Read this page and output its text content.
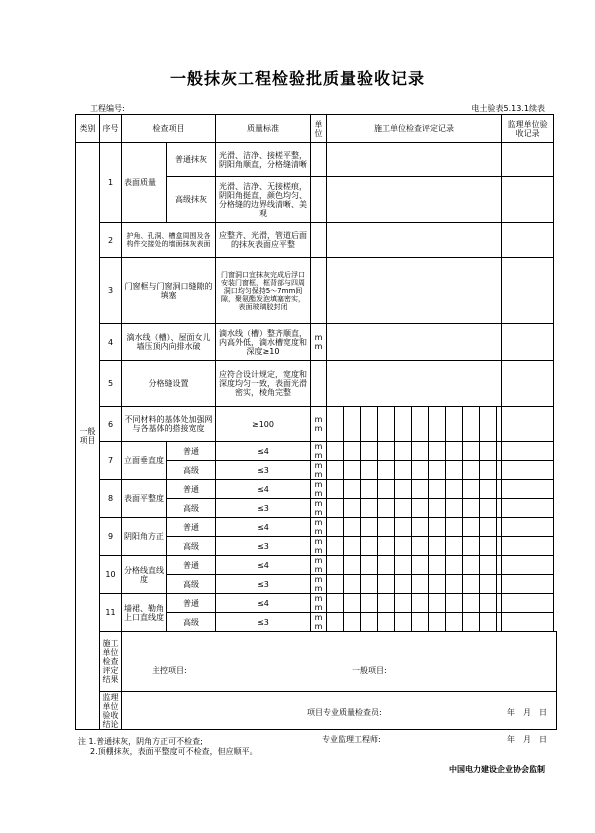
一般抹灰工程检验批质量验收记录
工程编号:	电土验表5.13.1续表
类别	序号	检查项目		质量标准	单位	施工单位检查评定记录											监理单位验收记录
一般项目	1	表面质量	普通抹灰	光滑、洁净、接槎平整，阴阳角顺直，分格缝清晰													
			高级抹灰	光滑、洁净、无接槎痕，阴阳角挺直，颜色均匀、分格缝的边界线清晰、美观													
	2	护角、孔洞、槽盒周围及各构件交接处的墙面抹灰表面		应整齐、光滑，管道后面的抹灰表面应平整													
	3	门窗框与门窗洞口缝隙的填塞		门窗洞口宜抹灰完成后浮口安装门窗框，框背部与四周洞口均匀保持5～7mm间隙，聚氨酯发泡填塞密实，表面玻璃胶封闭													
	4	滴水线（槽）、屋面女儿墙压顶内向排水破		滴水线（槽）整齐顺直，内高外低，滴水槽宽度和深度≥10	mm												
	5	分格缝设置		应符合设计规定，宽度和深度均匀一致，表面光滑密实，棱角完整													
	6	不同材料的基体处加强网与各基体的搭接宽度		≥100	mm												
	7	立面垂直度	普通	≤4	mm												
			高级	≤3	mm												
	8	表面平整度	普通	≤4	mm												
			高级	≤3	mm												
	9	阴阳角方正	普通	≤4	mm												
			高级	≤3	mm												
	10	分格线直线度	普通	≤4	mm												
			高级	≤3	mm												
	11	墙裙、勒角上口直线度	普通	≤4	mm												
			高级	≤3	mm												
	施工单位检查评定结果	主控项目: 一般项目:
项目专业质量检查员: 年　月　日															

	监理单位验收结论	专业监理工程师: 年　月　日															
注 1.普通抹灰，阴角方正可不检查;
2.顶棚抹灰，表面平整度可不检查，但应顺平。
中国电力建设企业协会监制
